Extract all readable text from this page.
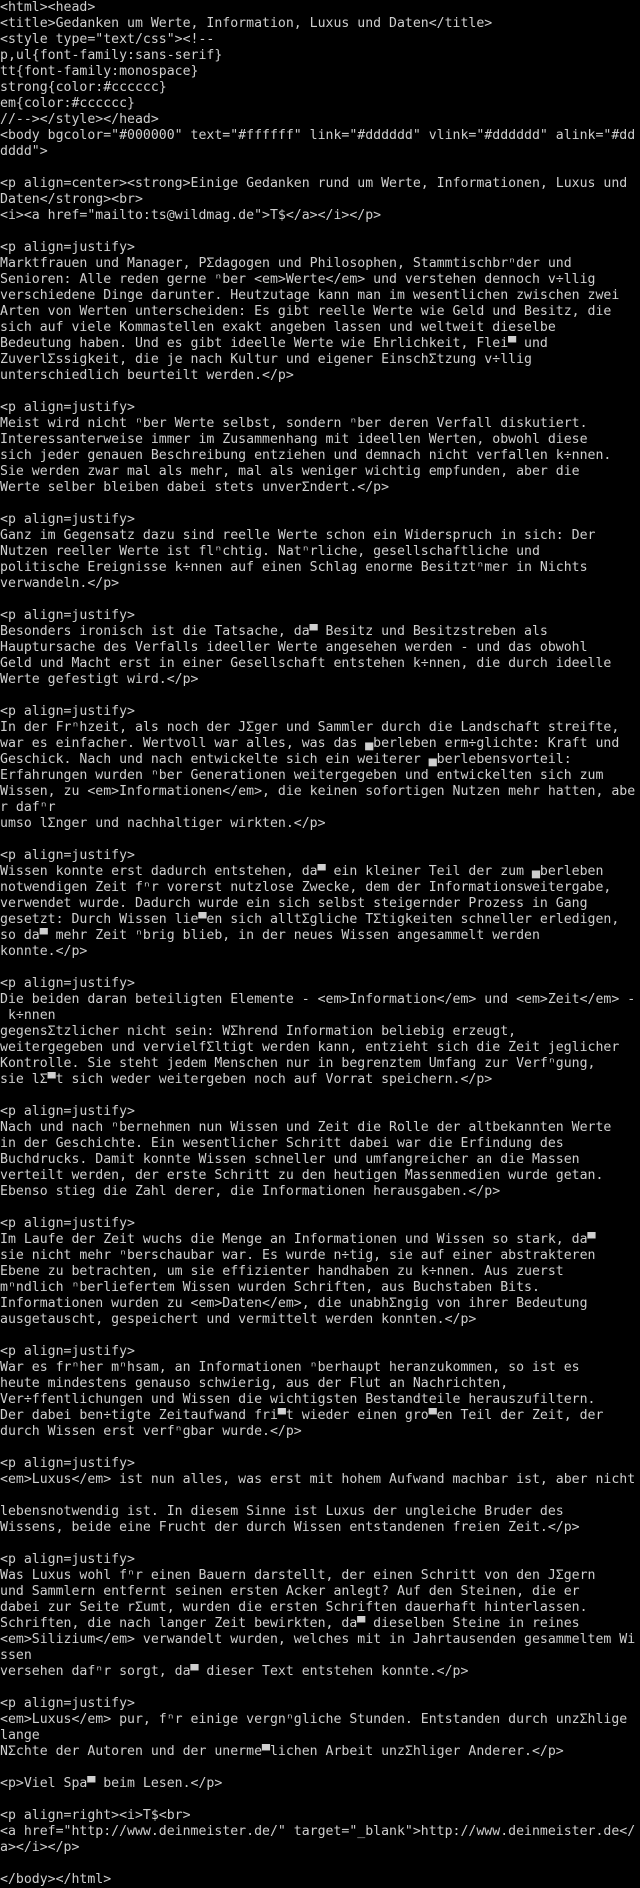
<html><head>
<title>Gedanken um Werte, Information, Luxus und Daten</title>
<style type="text/css"><!--
p,ul{font-family:sans-serif}
tt{font-family:monospace}
strong{color:#cccccc}
em{color:#cccccc}
//--></style></head>
<body bgcolor="#000000" text="#ffffff" link="#dddddd" vlink="#dddddd" alink="#dd
dddd">
<p align=center><strong>Einige Gedanken rund um Werte, Informationen, Luxus und
Daten</strong><br>
<i><a href="mailto:ts@wildmag.de">T$</a></i></p>
<p align=justify>
Marktfrauen und Manager, PΣdagogen und Philosophen, Stammtischbrⁿder und
Senioren: Alle reden gerne ⁿber <em>Werte</em> und verstehen dennoch v÷llig
verschiedene Dinge darunter. Heutzutage kann man im wesentlichen zwischen zwei
Arten von Werten unterscheiden: Es gibt reelle Werte wie Geld und Besitz, die
sich auf viele Kommastellen exakt angeben lassen und weltweit dieselbe
Bedeutung haben. Und es gibt ideelle Werte wie Ehrlichkeit, Flei▀ und
ZuverlΣssigkeit, die je nach Kultur und eigener EinschΣtzung v÷llig
unterschiedlich beurteilt werden.</p>
<p align=justify>
Meist wird nicht ⁿber Werte selbst, sondern ⁿber deren Verfall diskutiert.
Interessanterweise immer im Zusammenhang mit ideellen Werten, obwohl diese
sich jeder genauen Beschreibung entziehen und demnach nicht verfallen k÷nnen.
Sie werden zwar mal als mehr, mal als weniger wichtig empfunden, aber die
Werte selber bleiben dabei stets unverΣndert.</p>
<p align=justify>
Ganz im Gegensatz dazu sind reelle Werte schon ein Widerspruch in sich: Der
Nutzen reeller Werte ist flⁿchtig. Natⁿrliche, gesellschaftliche und
politische Ereignisse k÷nnen auf einen Schlag enorme Besitztⁿmer in Nichts
verwandeln.</p>
<p align=justify>
Besonders ironisch ist die Tatsache, da▀ Besitz und Besitzstreben als
Hauptursache des Verfalls ideeller Werte angesehen werden - und das obwohl
Geld und Macht erst in einer Gesellschaft entstehen k÷nnen, die durch ideelle
Werte gefestigt wird.</p>
<p align=justify>
In der Frⁿhzeit, als noch der JΣger und Sammler durch die Landschaft streifte,
war es einfacher. Wertvoll war alles, was das ▄berleben erm÷glichte: Kraft und
Geschick. Nach und nach entwickelte sich ein weiterer ▄berlebensvorteil:
Erfahrungen wurden ⁿber Generationen weitergegeben und entwickelten sich zum
Wissen, zu <em>Informationen</em>, die keinen sofortigen Nutzen mehr hatten, abe
r dafⁿr
umso lΣnger und nachhaltiger wirkten.</p>
<p align=justify>
Wissen konnte erst dadurch entstehen, da▀ ein kleiner Teil der zum ▄berleben
notwendigen Zeit fⁿr vorerst nutzlose Zwecke, dem der Informationsweitergabe,
verwendet wurde. Dadurch wurde ein sich selbst steigernder Prozess in Gang
gesetzt: Durch Wissen lie▀en sich alltΣgliche TΣtigkeiten schneller erledigen,
so da▀ mehr Zeit ⁿbrig blieb, in der neues Wissen angesammelt werden
konnte.</p>
<p align=justify>
Die beiden daran beteiligten Elemente - <em>Information</em> und <em>Zeit</em> -
k÷nnen
gegensΣtzlicher nicht sein: WΣhrend Information beliebig erzeugt,
weitergegeben und vervielfΣltigt werden kann, entzieht sich die Zeit jeglicher
Kontrolle. Sie steht jedem Menschen nur in begrenztem Umfang zur Verfⁿgung,
sie lΣ▀t sich weder weitergeben noch auf Vorrat speichern.</p>
<p align=justify>
Nach und nach ⁿbernehmen nun Wissen und Zeit die Rolle der altbekannten Werte
in der Geschichte. Ein wesentlicher Schritt dabei war die Erfindung des
Buchdrucks. Damit konnte Wissen schneller und umfangreicher an die Massen
verteilt werden, der erste Schritt zu den heutigen Massenmedien wurde getan.
Ebenso stieg die Zahl derer, die Informationen herausgaben.</p>
<p align=justify>
Im Laufe der Zeit wuchs die Menge an Informationen und Wissen so stark, da▀
sie nicht mehr ⁿberschaubar war. Es wurde n÷tig, sie auf einer abstrakteren
Ebene zu betrachten, um sie effizienter handhaben zu k÷nnen. Aus zuerst
mⁿndlich ⁿberliefertem Wissen wurden Schriften, aus Buchstaben Bits.
Informationen wurden zu <em>Daten</em>, die unabhΣngig von ihrer Bedeutung
ausgetauscht, gespeichert und vermittelt werden konnten.</p>
<p align=justify>
War es frⁿher mⁿhsam, an Informationen ⁿberhaupt heranzukommen, so ist es
heute mindestens genauso schwierig, aus der Flut an Nachrichten,
Ver÷ffentlichungen und Wissen die wichtigsten Bestandteile herauszufiltern.
Der dabei ben÷tigte Zeitaufwand fri▀t wieder einen gro▀en Teil der Zeit, der
durch Wissen erst verfⁿgbar wurde.</p>
<p align=justify>
<em>Luxus</em> ist nun alles, was erst mit hohem Aufwand machbar ist, aber nicht
lebensnotwendig ist. In diesem Sinne ist Luxus der ungleiche Bruder des
Wissens, beide eine Frucht der durch Wissen entstandenen freien Zeit.</p>
<p align=justify>
Was Luxus wohl fⁿr einen Bauern darstellt, der einen Schritt von den JΣgern
und Sammlern entfernt seinen ersten Acker anlegt? Auf den Steinen, die er
dabei zur Seite rΣumt, wurden die ersten Schriften dauerhaft hinterlassen.
Schriften, die nach langer Zeit bewirkten, da▀ dieselben Steine in reines
<em>Silizium</em> verwandelt wurden, welches mit in Jahrtausenden gesammeltem Wi
ssen
versehen dafⁿr sorgt, da▀ dieser Text entstehen konnte.</p>
<p align=justify>
<em>Luxus</em> pur, fⁿr einige vergnⁿgliche Stunden. Entstanden durch unzΣhlige
lange
NΣchte der Autoren und der unerme▀lichen Arbeit unzΣhliger Anderer.</p>
<p>Viel Spa▀ beim Lesen.</p>
<p align=right><i>T$<br>
<a href="http://www.deinmeister.de/" target="_blank">http://www.deinmeister.de</
a></i></p>
</body></html>
